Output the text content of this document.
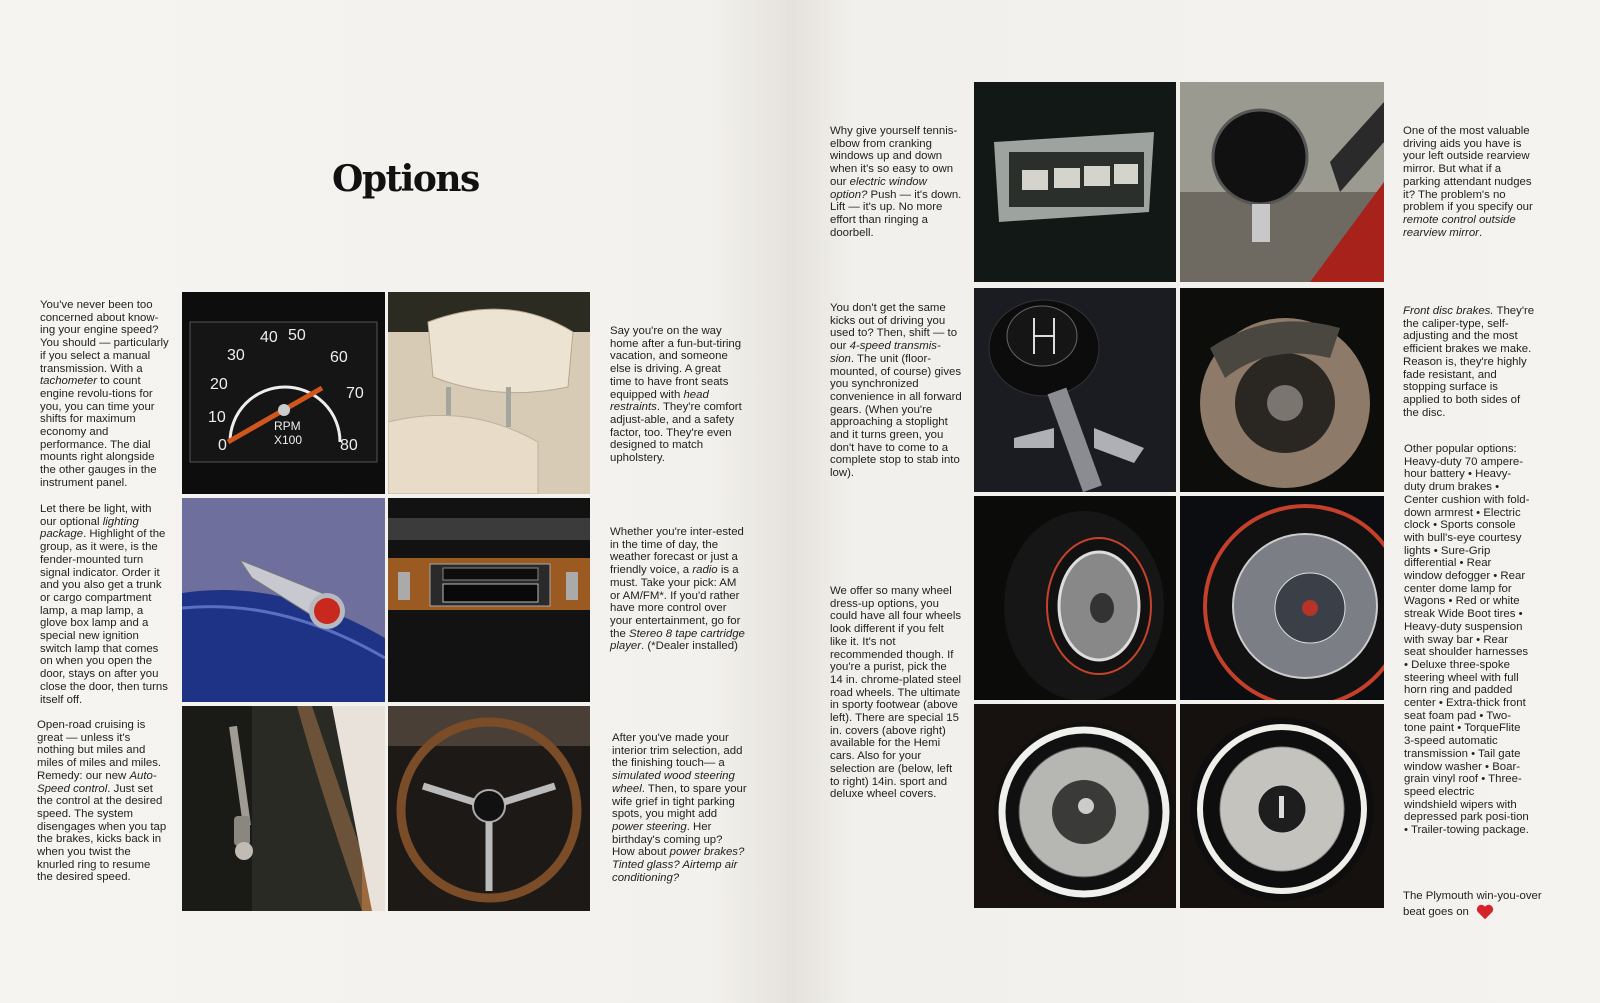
Options
You've never been too concerned about know-ing your engine speed? You should — particularly if you select a manual transmission. With a tachometer to count engine revolu-tions for you, you can time your shifts for maximum economy and performance. The dial mounts right alongside the other gauges in the instrument panel.
Let there be light, with our optional lighting package. Highlight of the group, as it were, is the fender-mounted turn signal indicator. Order it and you also get a trunk or cargo compartment lamp, a map lamp, a glove box lamp and a special new ignition switch lamp that comes on when you open the door, stays on after you close the door, then turns itself off.
Open-road cruising is great — unless it's nothing but miles and miles of miles and miles. Remedy: our new Auto-Speed control. Just set the control at the desired speed. The system disengages when you tap the brakes, kicks back in when you twist the knurled ring to resume the desired speed.
0
10
20
30
40 50
60
70
80
RPM
X100
Say you're on the way home after a fun-but-tiring vacation, and someone else is driving. A great time to have front seats equipped with head restraints. They're comfort adjust-able, and a safety factor, too. They're even designed to match upholstery.
Whether you're inter-ested in the time of day, the weather forecast or just a friendly voice, a radio is a must. Take your pick: AM or AM/FM*. If you'd rather have more control over your entertainment, go for the Stereo 8 tape cartridge player. (*Dealer installed)
After you've made your interior trim selection, add the finishing touch— a simulated wood steering wheel. Then, to spare your wife grief in tight parking spots, you might add power steering. Her birthday's coming up? How about power brakes? Tinted glass? Airtemp air conditioning?
Why give yourself tennis-elbow from cranking windows up and down when it's so easy to own our electric window option? Push — it's down. Lift — it's up. No more effort than ringing a doorbell.
You don't get the same kicks out of driving you used to? Then, shift — to our 4-speed transmis-sion. The unit (floor-mounted, of course) gives you synchronized convenience in all forward gears. (When you're approaching a stoplight and it turns green, you don't have to come to a complete stop to stab into low).
We offer so many wheel dress-up options, you could have all four wheels look different if you felt like it. It's not recommended though. If you're a purist, pick the 14 in. chrome-plated steel road wheels. The ultimate in sporty footwear (above left). There are special 15 in. covers (above right) available for the Hemi cars. Also for your selection are (below, left to right) 14in. sport and deluxe wheel covers.
One of the most valuable driving aids you have is your left outside rearview mirror. But what if a parking attendant nudges it? The problem's no problem if you specify our remote control outside rearview mirror.
Front disc brakes. They're the caliper-type, self-adjusting and the most efficient brakes we make. Reason is, they're highly fade resistant, and stopping surface is applied to both sides of the disc.
Other popular options: Heavy-duty 70 ampere-hour battery • Heavy-duty drum brakes • Center cushion with fold-down armrest • Electric clock • Sports console with bull's-eye courtesy lights • Sure-Grip differential • Rear window defogger • Rear center dome lamp for Wagons • Red or white streak Wide Boot tires • Heavy-duty suspension with sway bar • Rear seat shoulder harnesses • Deluxe three-spoke steering wheel with full horn ring and padded center • Extra-thick front seat foam pad • Two-tone paint • TorqueFlite 3-speed automatic transmission • Tail gate window washer • Boar-grain vinyl roof • Three-speed electric windshield wipers with depressed park posi-tion • Trailer-towing package.
The Plymouth win-you-over beat goes on
